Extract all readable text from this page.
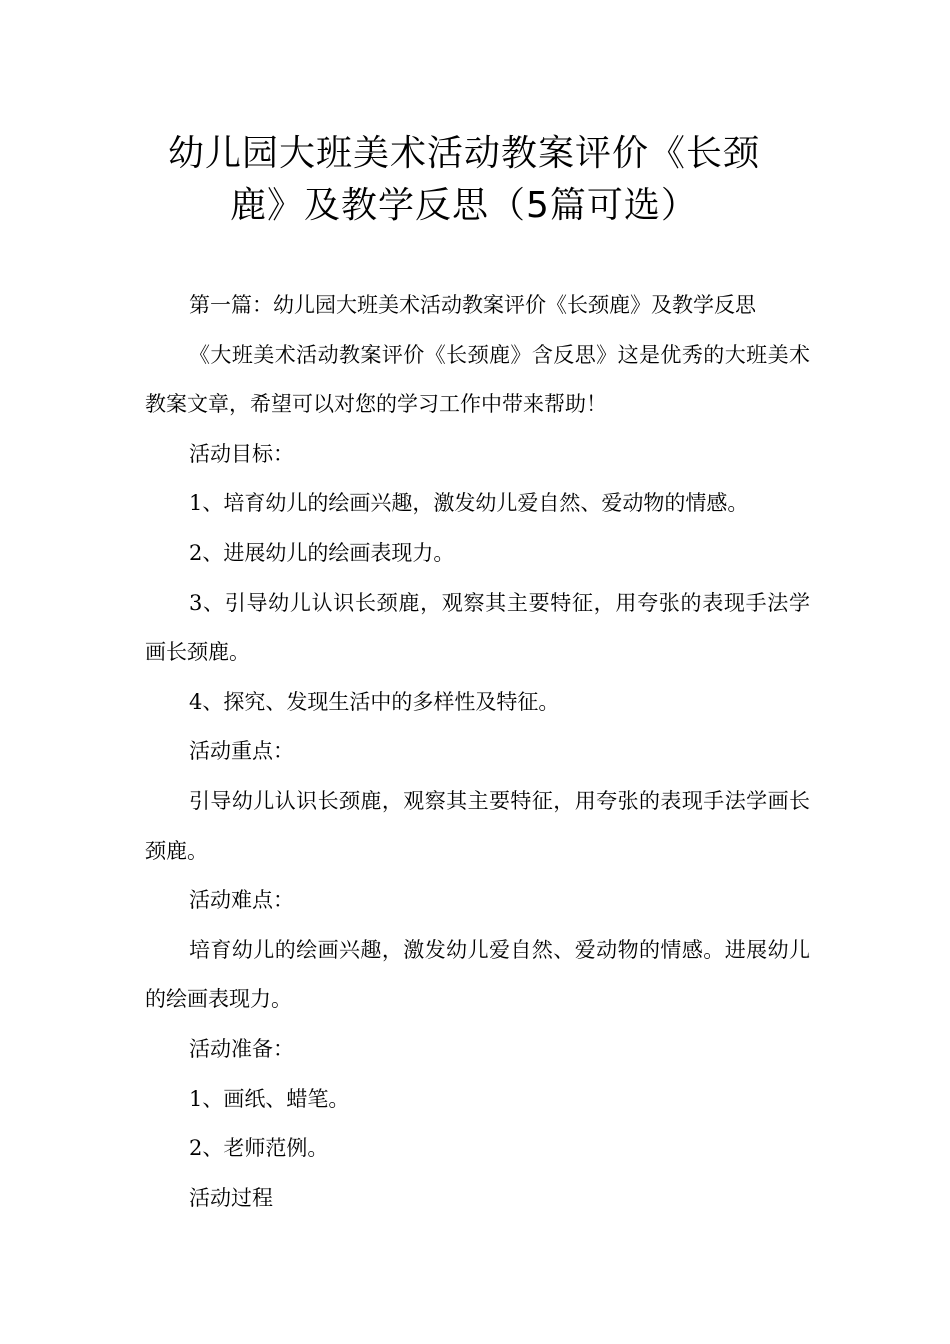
幼儿园大班美术活动教案评价《长颈
鹿》及教学反思（5篇可选）

第一篇：幼儿园大班美术活动教案评价《长颈鹿》及教学反思

《大班美术活动教案评价《长颈鹿》含反思》这是优秀的大班美术教案文章，希望可以对您的学习工作中带来帮助！

活动目标：

1、培育幼儿的绘画兴趣，激发幼儿爱自然、爱动物的情感。

2、进展幼儿的绘画表现力。

3、引导幼儿认识长颈鹿，观察其主要特征，用夸张的表现手法学画长颈鹿。

4、探究、发现生活中的多样性及特征。

活动重点：

引导幼儿认识长颈鹿，观察其主要特征，用夸张的表现手法学画长颈鹿。

活动难点：

培育幼儿的绘画兴趣，激发幼儿爱自然、爱动物的情感。进展幼儿的绘画表现力。

活动准备：

1、画纸、蜡笔。

2、老师范例。

活动过程
